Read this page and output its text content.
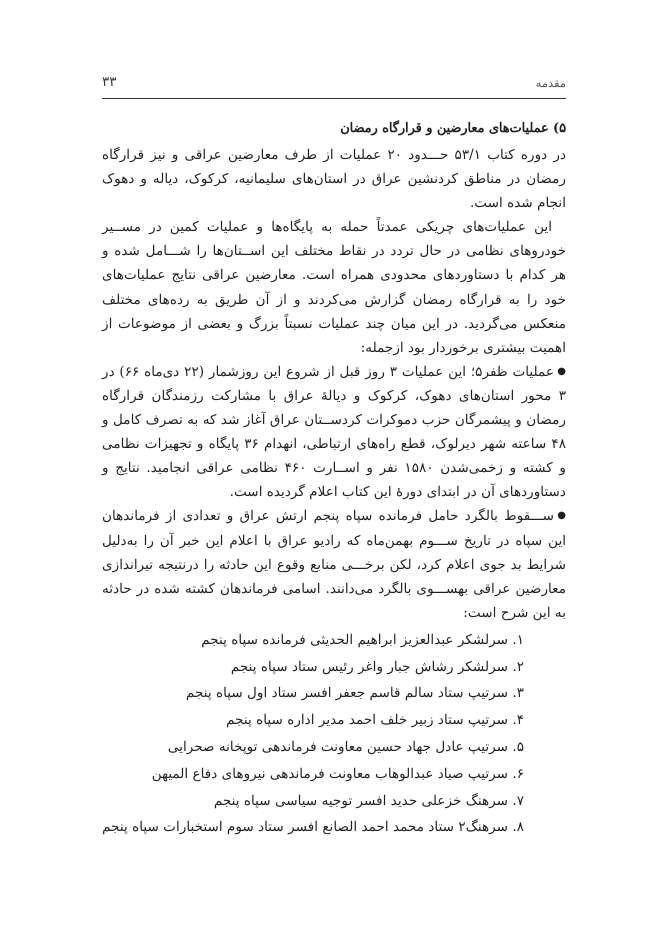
مقدمه
۳۳
۵) عملیات‌های معارضین و قرارگاه رمضان

در دوره کتاب ۵۳/۱ حـــدود ۲۰ عملیات از طرف معارضین عراقی و نیز قرارگاه رمضان در مناطق کردنشین عراق در استان‌های سلیمانیه، کرکوک، دیاله و دهوک انجام شده است.

این عملیات‌های چریکی عمدتاً حمله به پایگاه‌ها و عملیات کمین در مســیر خودروهای نظامی در حال تردد در نقاط مختلف این اســتان‌ها را شـــامل شده و هر کدام با دستاوردهای محدودی همراه است. معارضین عراقی نتایج عملیات‌های خود را به قرارگاه رمضان گزارش می‌کردند و از آن طریق به رده‌های مختلف منعکس می‌گردید. در این میان چند عملیات نسبتاً بزرگ و بعضی از موضوعات از اهمیت بیشتری برخوردار بود ازجمله:

●عملیات ظفر۵؛ این عملیات ۳ روز قبل از شروع این روزشمار (۲۲ دی‌ماه ۶۶) در ۳ محور استان‌های دهوک، کرکوک و دیالهٔ عراق با مشارکت رزمندگان قرارگاه رمضان و پیشمرگان حزب دموکرات کردســتان عراق آغاز شد که به تصرف کامل و ۴۸ ساعته شهر دیرلوک، قطع راه‌های ارتباطی، انهدام ۳۶ پایگاه و تجهیزات نظامی و کشته و زخمی‌شدن ۱۵۸۰ نفر و اســارت ۴۶۰ نظامی عراقی انجامید. نتایج و دستاوردهای آن در ابتدای دورهٔ این کتاب اعلام گردیده است.
●ســـقوط بالگرد حامل فرمانده سپاه پنجم ارتش عراق و تعدادی از فرماندهان این سپاه در تاریخ ســـوم بهمن‌ماه که رادیو عراق با اعلام این خبر آن را به‌دلیل شرایط بد جوی اعلام کرد، لکن برخـــی منابع وقوع این حادثه را درنتیجه تیراندازی معارضین عراقی بهســـوی بالگرد می‌دانند. اسامی فرماندهان کشته شده در حادثه به این شرح است:
۱. سرلشکر عبدالعزیز ابراهیم الحدیثی فرمانده سپاه پنجم
۲. سرلشکر رشاش جبار واغر رئیس ستاد سپاه پنجم
۳. سرتیپ ستاد سالم قاسم جعفر افسر ستاد اول سپاه پنجم
۴. سرتیپ ستاد زبیر خلف احمد مدیر اداره سپاه پنجم
۵. سرتیپ عادل جهاد حسین معاونت فرماندهی توپخانه صحرایی
۶. سرتیپ صیاد عبدالوهاب معاونت فرماندهی نیروهای دفاع المیهن
۷. سرهنگ خزعلی حدید افسر توجیه سیاسی سپاه پنجم
۸. سرهنگ۲ ستاد محمد احمد الصانع افسر ستاد سوم استخبارات سپاه پنجم
